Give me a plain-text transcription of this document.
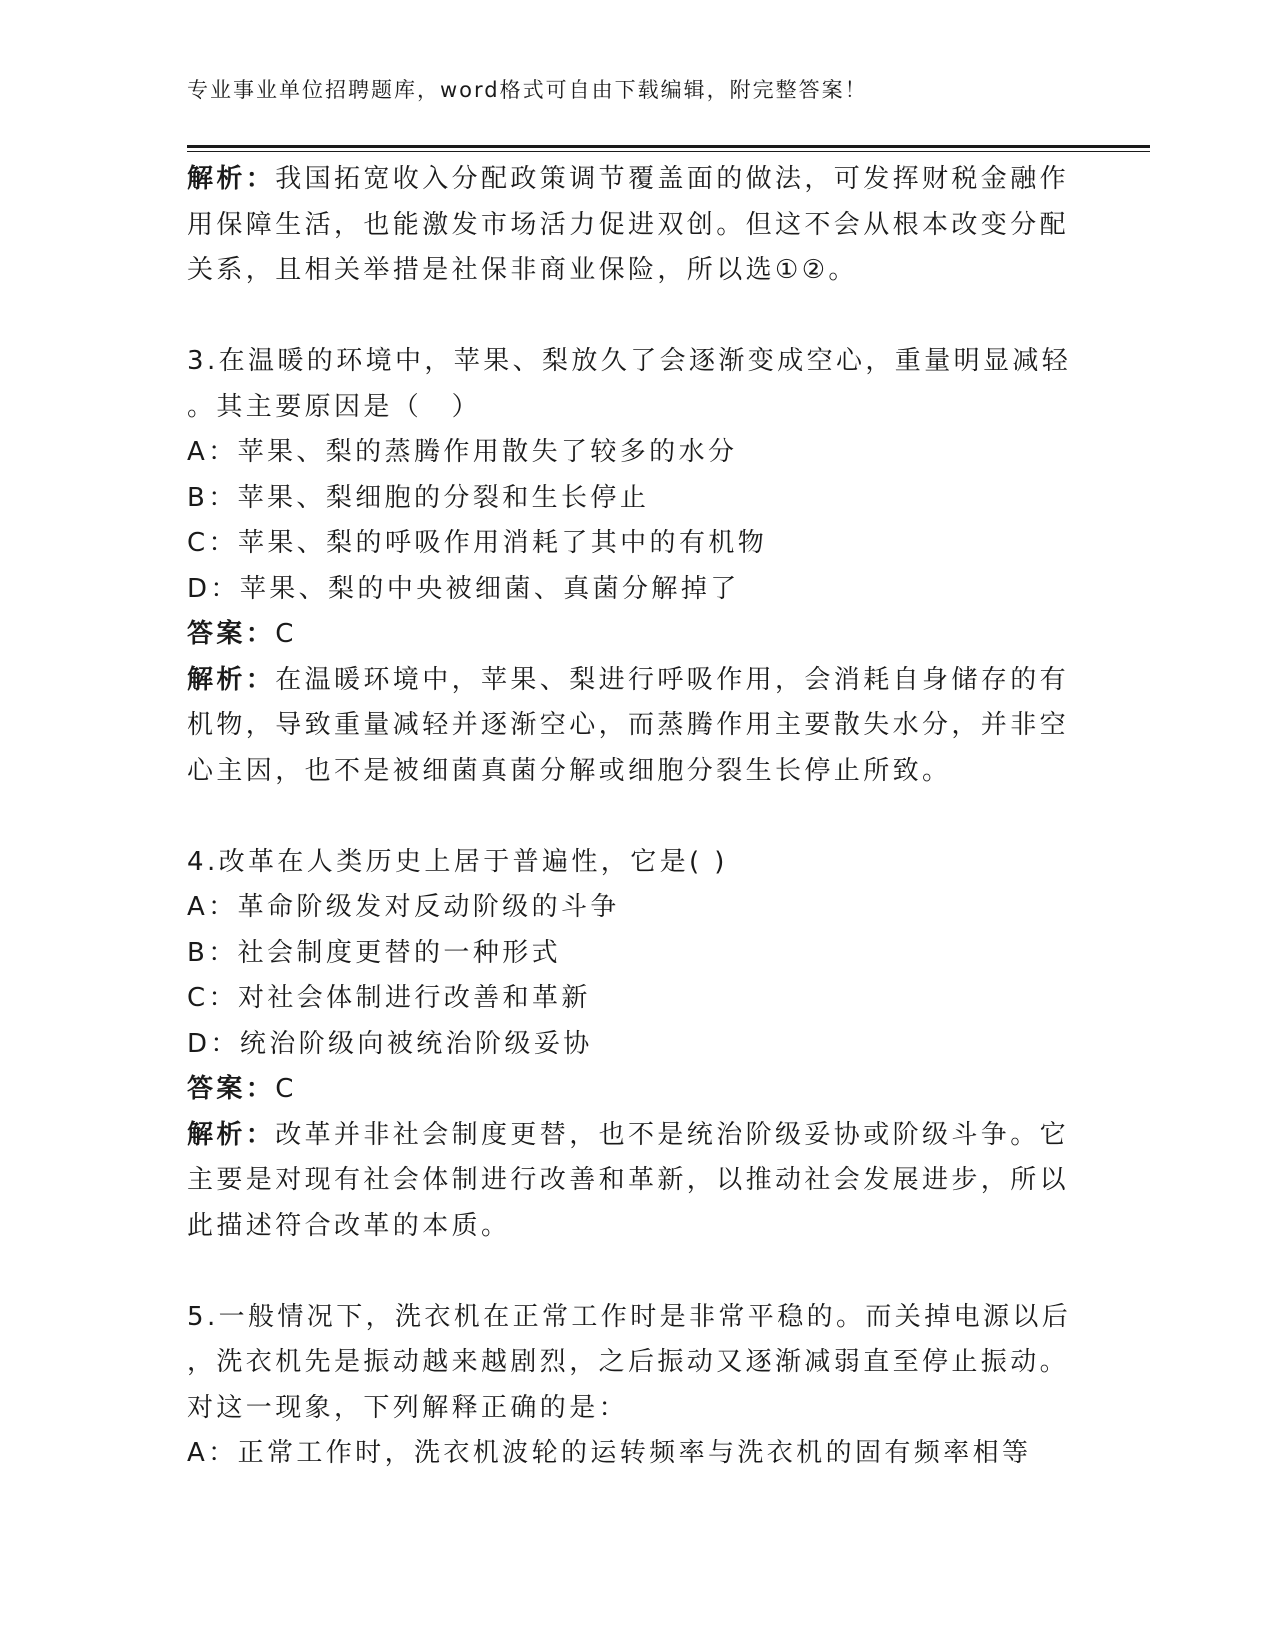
专业事业单位招聘题库，word格式可自由下载编辑，附完整答案！
解析：我国拓宽收入分配政策调节覆盖面的做法，可发挥财税金融作
用保障生活，也能激发市场活力促进双创。但这不会从根本改变分配
关系，且相关举措是社保非商业保险，所以选①②。
3.在温暖的环境中，苹果、梨放久了会逐渐变成空心，重量明显减轻
。其主要原因是（　）
A：苹果、梨的蒸腾作用散失了较多的水分
B：苹果、梨细胞的分裂和生长停止
C：苹果、梨的呼吸作用消耗了其中的有机物
D：苹果、梨的中央被细菌、真菌分解掉了
答案：C
解析：在温暖环境中，苹果、梨进行呼吸作用，会消耗自身储存的有
机物，导致重量减轻并逐渐空心，而蒸腾作用主要散失水分，并非空
心主因，也不是被细菌真菌分解或细胞分裂生长停止所致。
4.改革在人类历史上居于普遍性，它是( )
A：革命阶级发对反动阶级的斗争
B：社会制度更替的一种形式
C：对社会体制进行改善和革新
D：统治阶级向被统治阶级妥协
答案：C
解析：改革并非社会制度更替，也不是统治阶级妥协或阶级斗争。它
主要是对现有社会体制进行改善和革新，以推动社会发展进步，所以
此描述符合改革的本质。
5.一般情况下，洗衣机在正常工作时是非常平稳的。而关掉电源以后
，洗衣机先是振动越来越剧烈，之后振动又逐渐减弱直至停止振动。
对这一现象，下列解释正确的是：
A：正常工作时，洗衣机波轮的运转频率与洗衣机的固有频率相等
